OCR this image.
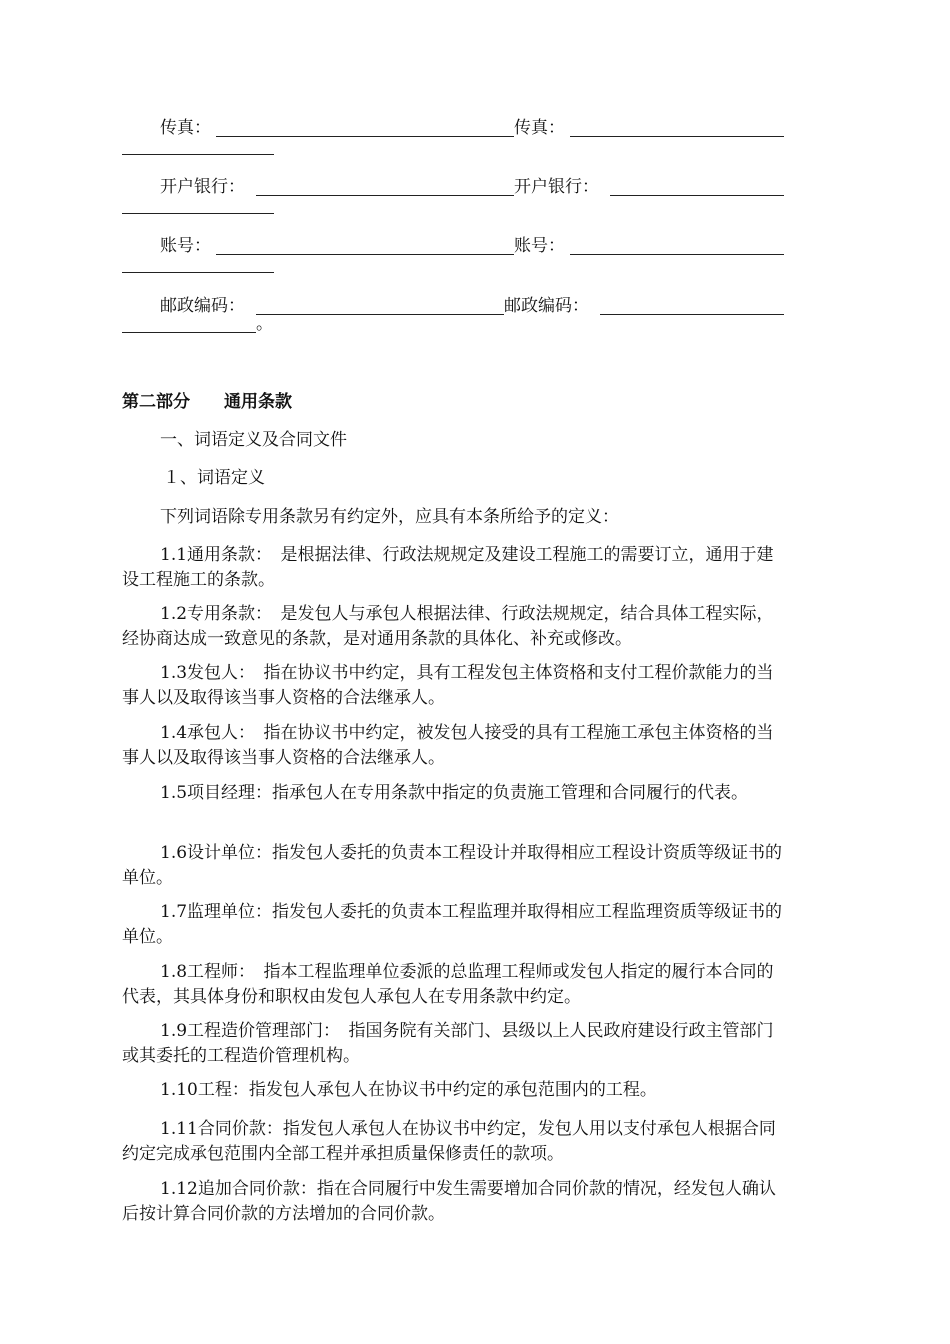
传真：	传真：
开户银行：	开户银行：
账号：	账号：
邮政编码：	邮政编码：
。
第二部分　　通用条款
一、词语定义及合同文件
１、词语定义
下列词语除专用条款另有约定外，应具有本条所给予的定义：
1.1通用条款：　是根据法律、行政法规规定及建设工程施工的需要订立，通用于建设工程施工的条款。
1.2专用条款：　是发包人与承包人根据法律、行政法规规定，结合具体工程实际，经协商达成一致意见的条款，是对通用条款的具体化、补充或修改。
1.3发包人：　指在协议书中约定，具有工程发包主体资格和支付工程价款能力的当事人以及取得该当事人资格的合法继承人。
1.4承包人：　指在协议书中约定，被发包人接受的具有工程施工承包主体资格的当事人以及取得该当事人资格的合法继承人。
1.5项目经理：指承包人在专用条款中指定的负责施工管理和合同履行的代表。
1.6设计单位：指发包人委托的负责本工程设计并取得相应工程设计资质等级证书的单位。
1.7监理单位：指发包人委托的负责本工程监理并取得相应工程监理资质等级证书的单位。
1.8工程师：　指本工程监理单位委派的总监理工程师或发包人指定的履行本合同的代表，其具体身份和职权由发包人承包人在专用条款中约定。
1.9工程造价管理部门：　指国务院有关部门、县级以上人民政府建设行政主管部门或其委托的工程造价管理机构。
1.10工程：指发包人承包人在协议书中约定的承包范围内的工程。
1.11合同价款：指发包人承包人在协议书中约定，发包人用以支付承包人根据合同约定完成承包范围内全部工程并承担质量保修责任的款项。
1.12追加合同价款：指在合同履行中发生需要增加合同价款的情况，经发包人确认后按计算合同价款的方法增加的合同价款。
